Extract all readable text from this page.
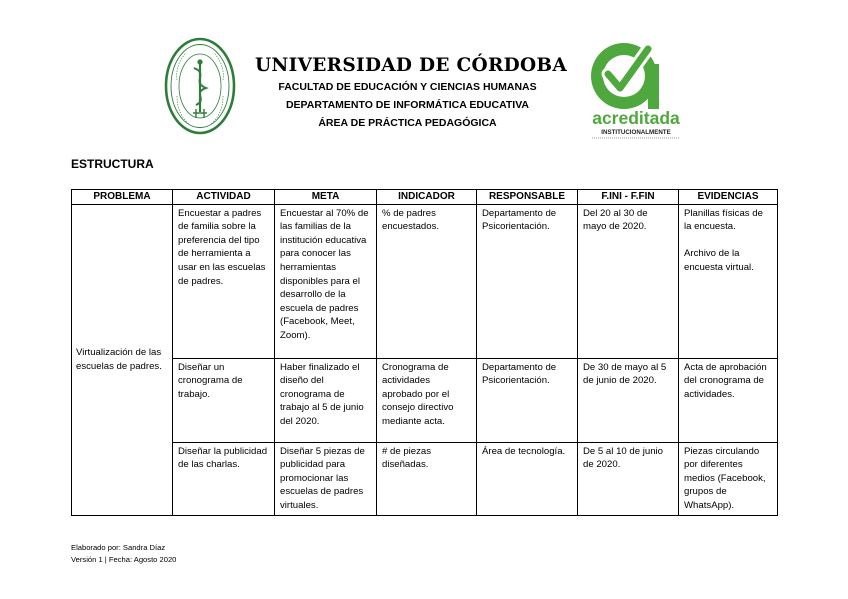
UNIVERSIDAD DE CÓRDOBA
FACULTAD DE EDUCACIÓN Y CIENCIAS HUMANAS
DEPARTAMENTO DE INFORMÁTICA EDUCATIVA
ÁREA DE PRÁCTICA PEDAGÓGICA	acreditada
INSTITUCIONALMENTE
ESTRUCTURA
PROBLEMA	ACTIVIDAD	META	INDICADOR	RESPONSABLE	F.INI - F.FIN	EVIDENCIAS
Virtualización de las escuelas de padres.	Encuestar a padres de familia sobre la preferencia del tipo de herramienta a usar en las escuelas de padres.	Encuestar al 70% de las familias de la institución educativa para conocer las herramientas disponibles para el desarrollo de la escuela de padres (Facebook, Meet, Zoom).	% de padres encuestados.	Departamento de Psicorientación.	Del 20 al 30 de mayo de 2020.	Planillas físicas de la encuesta.

Archivo de la encuesta virtual.

	Diseñar un cronograma de trabajo.	Haber finalizado el diseño del cronograma de trabajo al 5 de junio del 2020.	Cronograma de actividades aprobado por el consejo directivo mediante acta.	Departamento de Psicorientación.	De 30 de mayo al 5 de junio de 2020.	Acta de aprobación del cronograma de actividades.

	Diseñar la publicidad de las charlas.	Diseñar 5 piezas de publicidad para promocionar las escuelas de padres virtuales.	# de piezas diseñadas.	Área de tecnología.	De 5 al 10 de junio de 2020.	Piezas circulando por diferentes medios (Facebook, grupos de WhatsApp).

Elaborado por: Sandra Díaz
Versión 1 | Fecha: Agosto 2020
